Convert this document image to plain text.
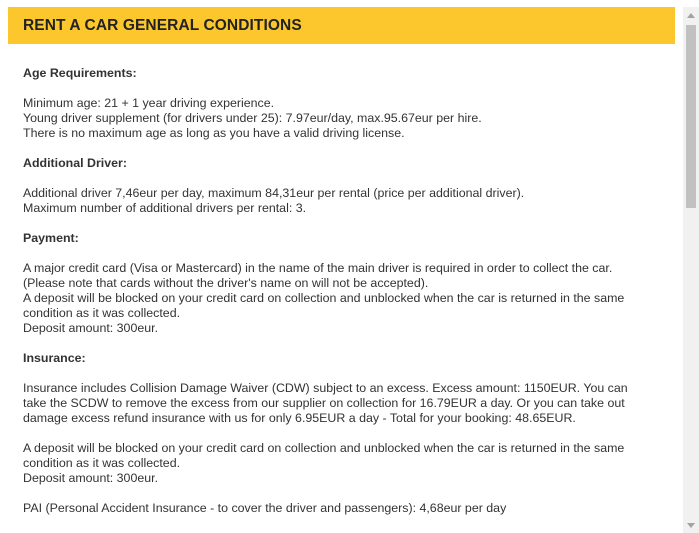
RENT A CAR GENERAL CONDITIONS

Age Requirements:

Minimum age: 21 + 1 year driving experience.

Young driver supplement (for drivers under 25): 7.97eur/day, max.95.67eur per hire.

There is no maximum age as long as you have a valid driving license.

Additional Driver:

Additional driver 7,46eur per day, maximum 84,31eur per rental (price per additional driver).

Maximum number of additional drivers per rental: 3.

Payment:

A major credit card (Visa or Mastercard) in the name of the main driver is required in order to collect the car.

(Please note that cards without the driver's name on will not be accepted).

A deposit will be blocked on your credit card on collection and unblocked when the car is returned in the same

condition as it was collected.

Deposit amount: 300eur.

Insurance:

Insurance includes Collision Damage Waiver (CDW) subject to an excess. Excess amount: 1150EUR. You can

take the SCDW to remove the excess from our supplier on collection for 16.79EUR a day. Or you can take out

damage excess refund insurance with us for only 6.95EUR a day - Total for your booking: 48.65EUR.

A deposit will be blocked on your credit card on collection and unblocked when the car is returned in the same

condition as it was collected.

Deposit amount: 300eur.

PAI (Personal Accident Insurance - to cover the driver and passengers): 4,68eur per day
